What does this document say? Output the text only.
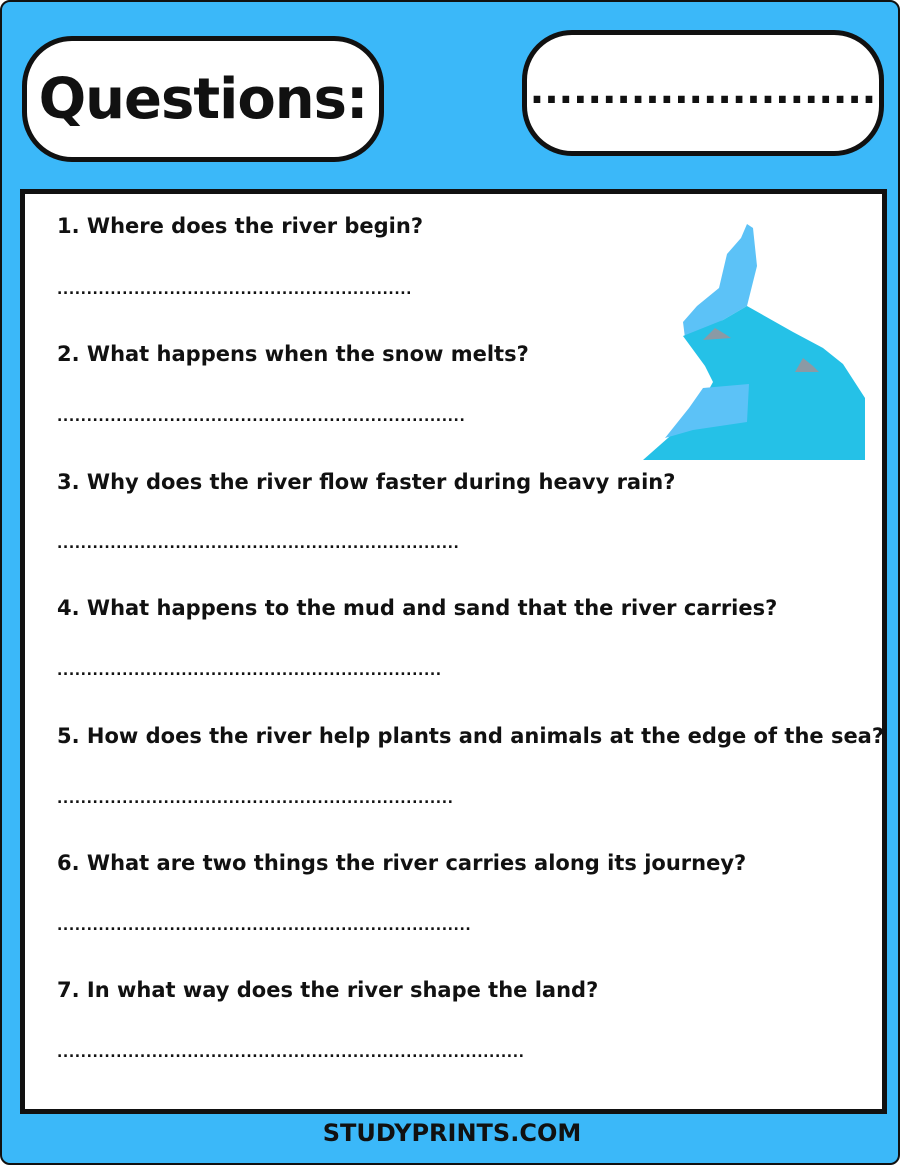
Questions:	........................
1. Where does the river begin?
............................................................
2. What happens when the snow melts?
.....................................................................
3. Why does the river flow faster during heavy rain?
....................................................................
4. What happens to the mud and sand that the river carries?
.................................................................
5. How does the river help plants and animals at the edge of the sea?
...................................................................
6. What are two things the river carries along its journey?
......................................................................
7. In what way does the river shape the land?
...............................................................................
STUDYPRINTS.COM
